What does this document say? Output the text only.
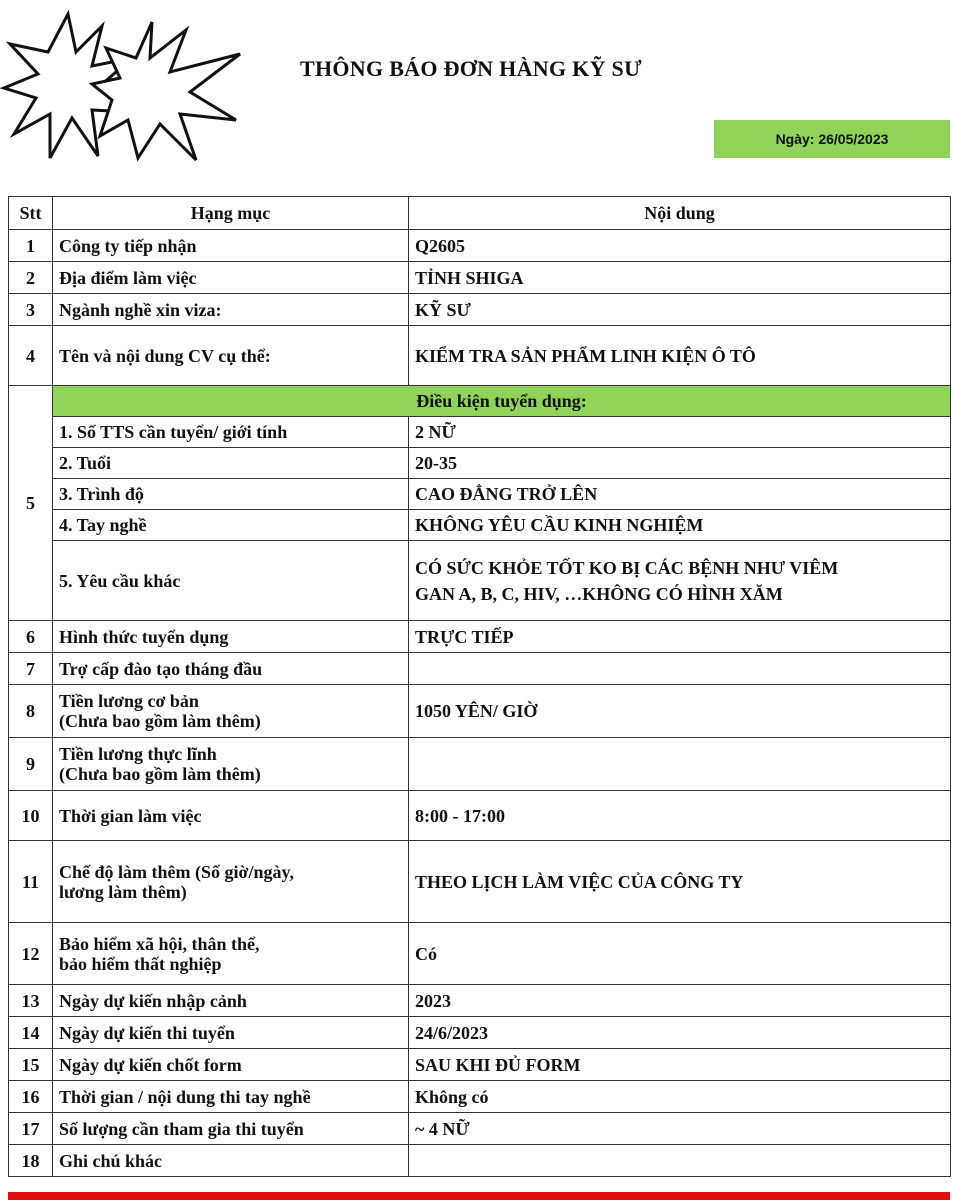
THÔNG BÁO ĐƠN HÀNG KỸ SƯ
Ngày: 26/05/2023
Stt	Hạng mục	Nội dung
1	Công ty tiếp nhận	Q2605
2	Địa điểm làm việc	TỈNH SHIGA
3	Ngành nghề xin viza:	KỸ SƯ
4	Tên và nội dung CV cụ thể:	KIỂM TRA SẢN PHẨM LINH KIỆN Ô TÔ
5	Điều kiện tuyển dụng:	
	1. Số TTS cần tuyển/ giới tính	2 NỮ
	2. Tuổi	20-35
	3. Trình độ	CAO ĐẲNG TRỞ LÊN
	4. Tay nghề	KHÔNG YÊU CẦU KINH NGHIỆM
	5. Yêu cầu khác	CÓ SỨC KHỎE TỐT KO BỊ CÁC BỆNH NHƯ VIÊM
GAN A, B, C, HIV, …KHÔNG CÓ HÌNH XĂM

6	Hình thức tuyển dụng	TRỰC TIẾP
7	Trợ cấp đào tạo tháng đầu	
8	Tiền lương cơ bản
(Chưa bao gồm làm thêm)	1050 YÊN/ GIỜ
9	Tiền lương thực lĩnh
(Chưa bao gồm làm thêm)	

10	Thời gian làm việc	8:00 - 17:00
11	Chế độ làm thêm (Số giờ/ngày,
lương làm thêm)	THEO LỊCH LÀM VIỆC CỦA CÔNG TY
12	Bảo hiểm xã hội, thân thể,
bảo hiểm thất nghiệp	Có
13	Ngày dự kiến nhập cảnh	2023
14	Ngày dự kiến thi tuyển	24/6/2023
15	Ngày dự kiến chốt form	SAU KHI ĐỦ FORM
16	Thời gian / nội dung thi tay nghề	Không có
17	Số lượng cần tham gia thi tuyển	~ 4 NỮ
18	Ghi chú khác	
